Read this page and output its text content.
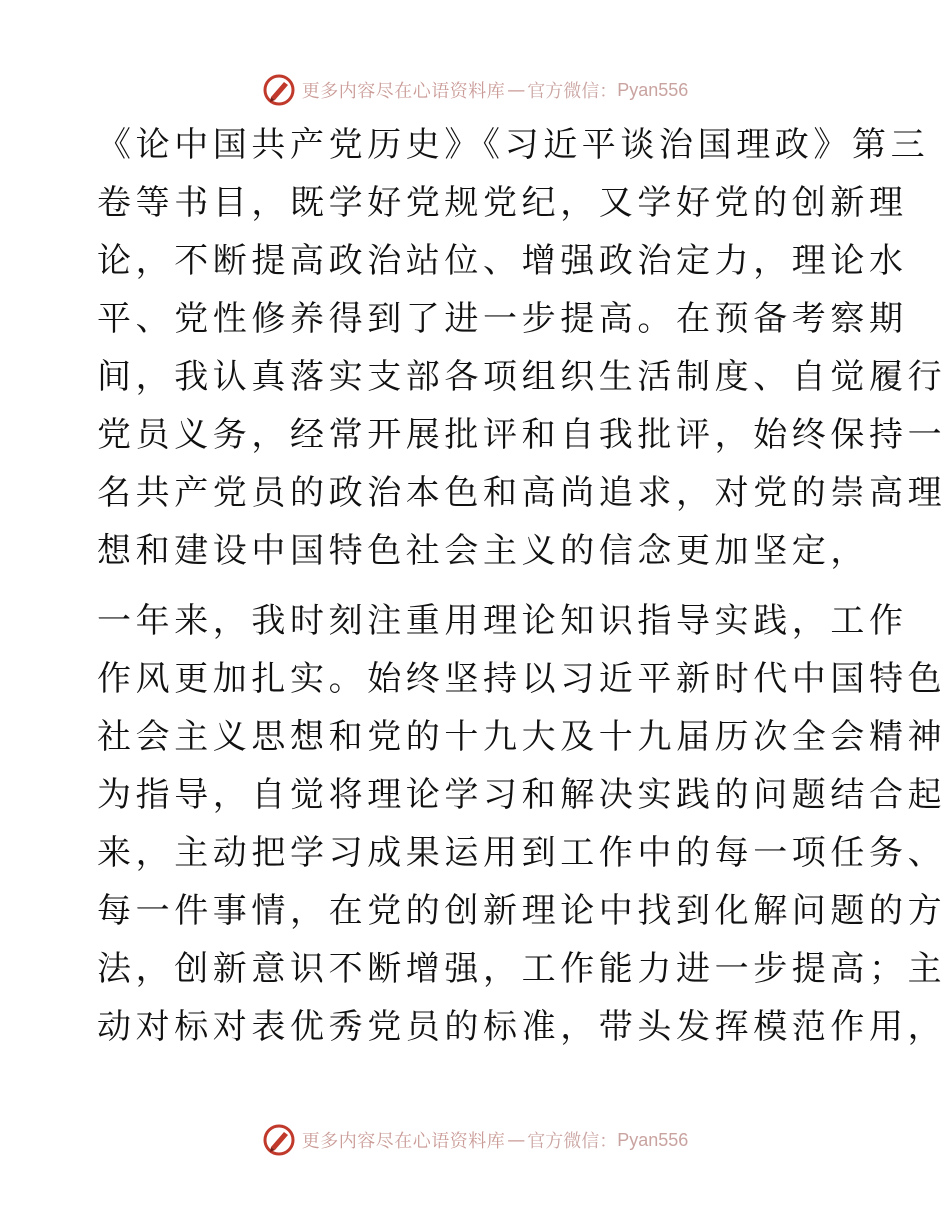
更多内容尽在心语资料库 — 官方微信： Pyan556

《论中国共产党历史》《习近平谈治国理政》第三
卷等书目，既学好党规党纪，又学好党的创新理
论，不断提高政治站位、增强政治定力，理论水
平、党性修养得到了进一步提高。在预备考察期
间，我认真落实支部各项组织生活制度、自觉履行
党员义务，经常开展批评和自我批评，始终保持一
名共产党员的政治本色和高尚追求，对党的崇高理
想和建设中国特色社会主义的信念更加坚定，

一年来，我时刻注重用理论知识指导实践，工作
作风更加扎实。始终坚持以习近平新时代中国特色
社会主义思想和党的十九大及十九届历次全会精神
为指导，自觉将理论学习和解决实践的问题结合起
来，主动把学习成果运用到工作中的每一项任务、
每一件事情，在党的创新理论中找到化解问题的方
法，创新意识不断增强，工作能力进一步提高；主
动对标对表优秀党员的标准，带头发挥模范作用，

更多内容尽在心语资料库 — 官方微信： Pyan556
